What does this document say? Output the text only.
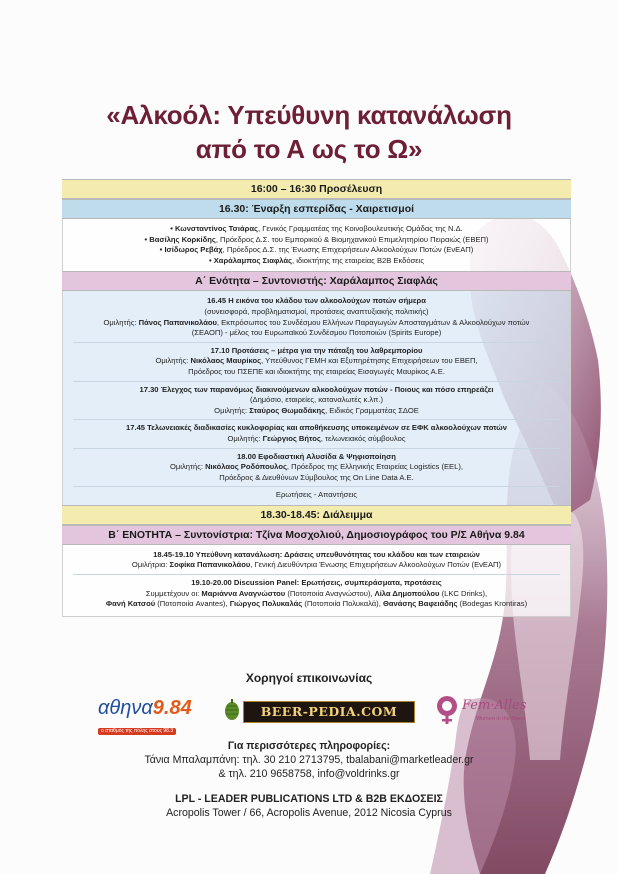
«Αλκοόλ: Υπεύθυνη κατανάλωση
από το Α ως το Ω»
16:00 – 16:30 Προσέλευση
16.30: Έναρξη εσπερίδας - Χαιρετισμοί
• Κωνσταντίνος Τσιάρας, Γενικός Γραμματέας της Κοινοβουλευτικής Ομάδας της Ν.Δ.
• Βασίλης Κορκίδης, Πρόεδρος Δ.Σ. του Εμπορικού & Βιομηχανικού Επιμελητηρίου Πειραιώς (ΕΒΕΠ)
• Ισίδωρος Ρεβάχ, Πρόεδρος Δ.Σ. της Ένωσης Επιχειρήσεων Αλκοολούχων Ποτών (ΕνΕΑΠ)
• Χαράλαμπος Σιαφλάς, ιδιοκτήτης της εταιρείας Β2Β Εκδόσεις
Α΄ Ενότητα – Συντονιστής: Χαράλαμπος Σιαφλάς
16.45 Η εικόνα του κλάδου των αλκοολούχων ποτών σήμερα
(συνεισφορά, προβληματισμοί, προτάσεις αναπτυξιακής πολιτικής)
Ομιλητής: Πάνος Παπανικολάου, Εκπρόσωπος του Συνδέσμου Ελλήνων Παραγωγών Αποσταγμάτων & Αλκοολούχων ποτών
(ΣΕΑΟΠ) - μέλος του Ευρωπαϊκού Συνδέσμου Ποτοποιών (Spirits Europe)
17.10 Προτάσεις – μέτρα για την πάταξη του λαθρεμπορίου
Ομιλητής: Νικόλαος Μαυρίκος, Υπεύθυνος ΓΕΜΗ και Εξυπηρέτησης Επιχειρήσεων του ΕΒΕΠ,
Πρόεδρος του ΠΣΕΠΕ και ιδιοκτήτης της εταιρείας Εισαγωγές Μαυρίκος Α.Ε.
17.30 Έλεγχος των παρανόμως διακινούμενων αλκοολούχων ποτών - Ποιους και πόσο επηρεάζει
(Δημόσιο, εταιρείες, καταναλωτές κ.λπ.)
Ομιλητής: Σταύρος Θωμαδάκης, Ειδικός Γραμματέας ΣΔΟΕ
17.45 Τελωνειακές διαδικασίες κυκλοφορίας και αποθήκευσης υποκειμένων σε ΕΦΚ αλκοολούχων ποτών
Ομιλητής: Γεώργιος Βήτος, τελωνειακός σύμβουλος
18.00 Εφοδιαστική Αλυσίδα & Ψηφιοποίηση
Ομιλητής: Νικόλαος Ροδόπουλος, Πρόεδρος της Ελληνικής Εταιρείας Logistics (EEL),
Πρόεδρος & Διευθύνων Σύμβουλος της On Line Data A.E.
Ερωτήσεις - Απαντήσεις
18.30-18.45: Διάλειμμα
Β΄ ΕΝΟΤΗΤΑ – Συντονίστρια: Τζίνα Μοσχολιού, Δημοσιογράφος του Ρ/Σ Αθήνα 9.84
18.45-19.10 Υπεύθυνη κατανάλωση: Δράσεις υπευθυνότητας του κλάδου και των εταιρειών
Ομιλήτρια: Σοφίκα Παπανικολάου, Γενική Διευθύντρια Ένωσης Επιχειρήσεων Αλκοολούχων Ποτών (ΕνΕΑΠ)
19.10-20.00 Discussion Panel: Ερωτήσεις, συμπεράσματα, προτάσεις
Συμμετέχουν οι: Μαριάννα Αναγνώστου (Ποτοποιία Αναγνώστου), Λίλα Δημοπούλου (LKC Drinks),
Φανή Κατσού (Ποτοποιία Avantes), Γιώργος Πολυκαλάς (Ποτοποιία Πολυκαλά), Θανάσης Βαφειάδης (Bodegas Krontiras)
Χορηγοί επικοινωνίας
αθηνα9.84
ο σταθμός της πόλης στους 98.3
BEER-PEDIA.COM	Fem·Alles
Women in the Blend
Για περισσότερες πληροφορίες:
Τάνια Μπαλαμπάνη: τηλ. 30 210 2713795, tbalabani@marketleader.gr
& τηλ. 210 9658758, info@voldrinks.gr
LPL - LEADER PUBLICATIONS LTD & B2B ΕΚΔΟΣΕΙΣ
Acropolis Tower / 66, Acropolis Avenue, 2012 Nicosia Cyprus
